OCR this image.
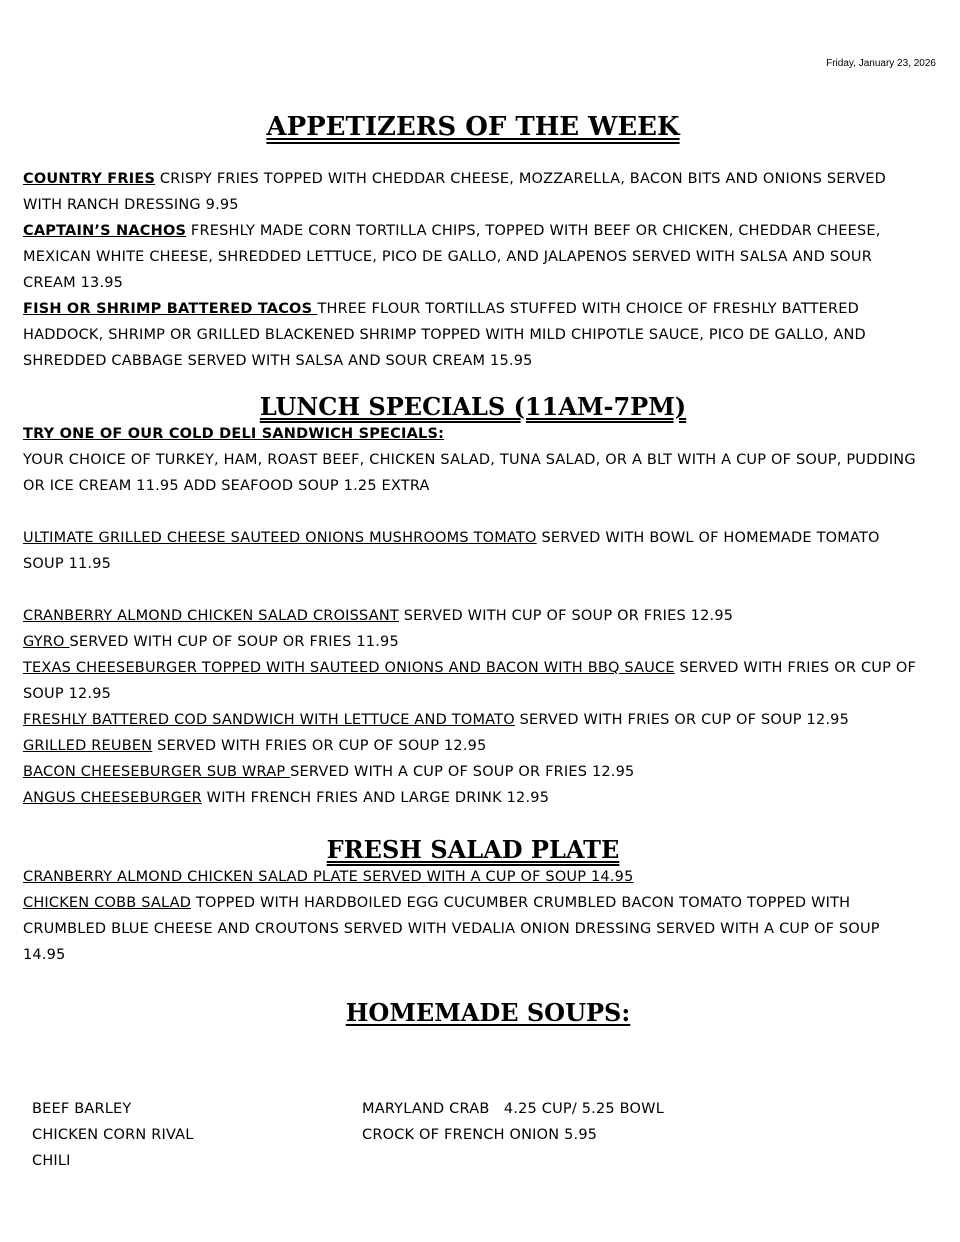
Friday, January 23, 2026
APPETIZERS OF THE WEEK

COUNTRY FRIES CRISPY FRIES TOPPED WITH CHEDDAR CHEESE, MOZZARELLA, BACON BITS AND ONIONS SERVED WITH RANCH DRESSING 9.95

CAPTAIN’S NACHOS FRESHLY MADE CORN TORTILLA CHIPS, TOPPED WITH BEEF OR CHICKEN, CHEDDAR CHEESE, MEXICAN WHITE CHEESE, SHREDDED LETTUCE, PICO DE GALLO, AND JALAPENOS SERVED WITH SALSA AND SOUR CREAM 13.95

FISH OR SHRIMP BATTERED TACOS THREE FLOUR TORTILLAS STUFFED WITH CHOICE OF FRESHLY BATTERED HADDOCK, SHRIMP OR GRILLED BLACKENED SHRIMP TOPPED WITH MILD CHIPOTLE SAUCE, PICO DE GALLO, AND SHREDDED CABBAGE SERVED WITH SALSA AND SOUR CREAM 15.95

LUNCH SPECIALS (11AM-7PM)

TRY ONE OF OUR COLD DELI SANDWICH SPECIALS:

YOUR CHOICE OF TURKEY, HAM, ROAST BEEF, CHICKEN SALAD, TUNA SALAD, OR A BLT WITH A CUP OF SOUP, PUDDING OR ICE CREAM 11.95 ADD SEAFOOD SOUP 1.25 EXTRA

ULTIMATE GRILLED CHEESE SAUTEED ONIONS MUSHROOMS TOMATO SERVED WITH BOWL OF HOMEMADE TOMATO SOUP 11.95

CRANBERRY ALMOND CHICKEN SALAD CROISSANT SERVED WITH CUP OF SOUP OR FRIES 12.95

GYRO SERVED WITH CUP OF SOUP OR FRIES 11.95

TEXAS CHEESEBURGER TOPPED WITH SAUTEED ONIONS AND BACON WITH BBQ SAUCE SERVED WITH FRIES OR CUP OF SOUP 12.95

FRESHLY BATTERED COD SANDWICH WITH LETTUCE AND TOMATO SERVED WITH FRIES OR CUP OF SOUP 12.95

GRILLED REUBEN SERVED WITH FRIES OR CUP OF SOUP 12.95

BACON CHEESEBURGER SUB WRAP SERVED WITH A CUP OF SOUP OR FRIES 12.95

ANGUS CHEESEBURGER WITH FRENCH FRIES AND LARGE DRINK 12.95

FRESH SALAD PLATE

CRANBERRY ALMOND CHICKEN SALAD PLATE SERVED WITH A CUP OF SOUP 14.95

CHICKEN COBB SALAD TOPPED WITH HARDBOILED EGG CUCUMBER CRUMBLED BACON TOMATO TOPPED WITH CRUMBLED BLUE CHEESE AND CROUTONS SERVED WITH VEDALIA ONION DRESSING SERVED WITH A CUP OF SOUP 14.95

HOMEMADE SOUPS:

BEEF BARLEY

CHICKEN CORN RIVAL

CHILI

MARYLAND CRAB   4.25 CUP/ 5.25 BOWL

CROCK OF FRENCH ONION 5.95
